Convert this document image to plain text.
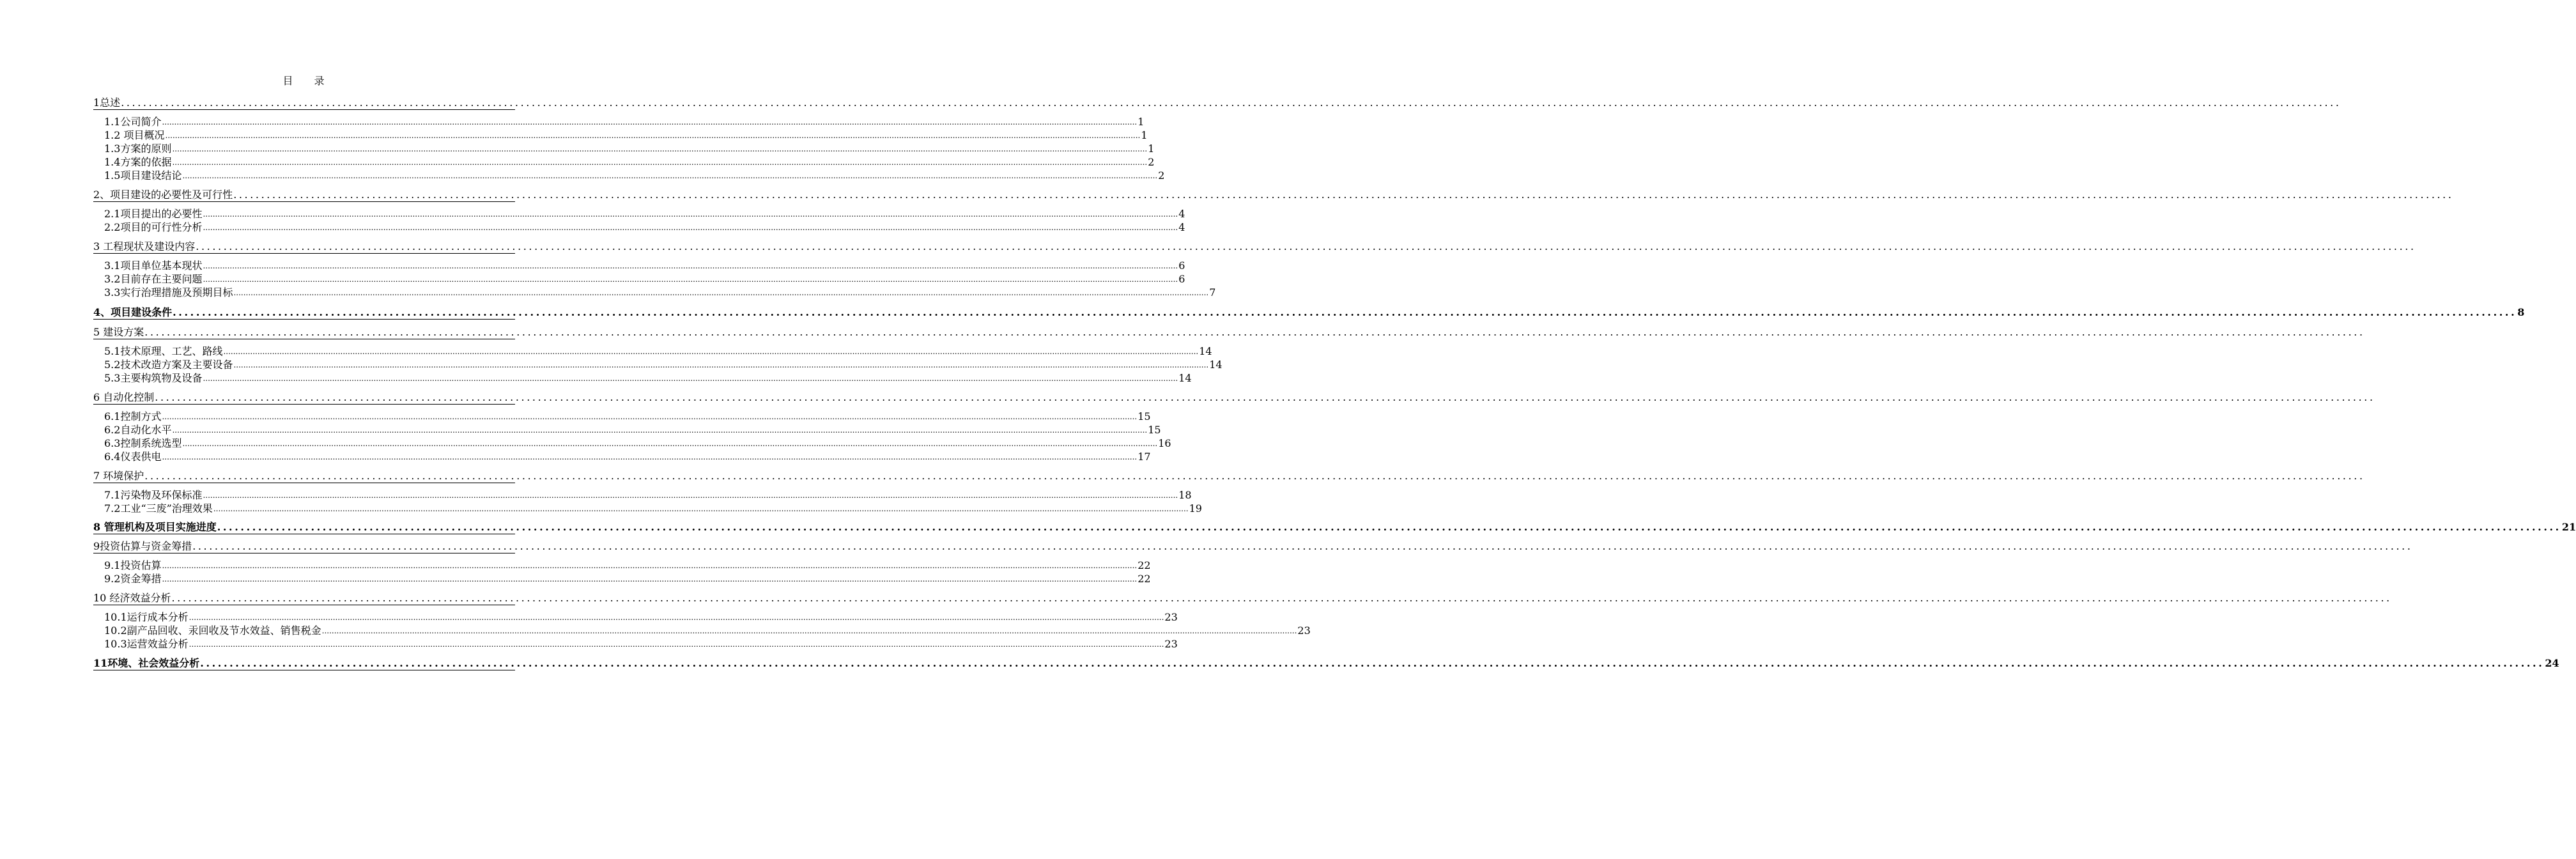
目 录
1总述 ................................................................................................................................................................................................................................................................................................................................................................................................................
1.1公司简介 ................................................................................................................................................................................................................................................................................................................................................................................................................ 1
1.2 项目概况 ................................................................................................................................................................................................................................................................................................................................................................................................................ 1
1.3方案的原则 ................................................................................................................................................................................................................................................................................................................................................................................................................ 1
1.4方案的依据 ................................................................................................................................................................................................................................................................................................................................................................................................................ 2
1.5项目建设结论 ................................................................................................................................................................................................................................................................................................................................................................................................................ 2
2、项目建设的必要性及可行性 ................................................................................................................................................................................................................................................................................................................................................................................................................
2.1项目提出的必要性 ................................................................................................................................................................................................................................................................................................................................................................................................................ 4
2.2项目的可行性分析 ................................................................................................................................................................................................................................................................................................................................................................................................................ 4
3 工程现状及建设内容 ................................................................................................................................................................................................................................................................................................................................................................................................................
3.1项目单位基本现状 ................................................................................................................................................................................................................................................................................................................................................................................................................ 6
3.2目前存在主要问题 ................................................................................................................................................................................................................................................................................................................................................................................................................ 6
3.3实行治理措施及预期目标 ................................................................................................................................................................................................................................................................................................................................................................................................................ 7
4、项目建设条件 ................................................................................................................................................................................................................................................................................................................................................................................................................ 8
5 建设方案 ................................................................................................................................................................................................................................................................................................................................................................................................................
5.1技术原理、工艺、路线 ................................................................................................................................................................................................................................................................................................................................................................................................................ 14
5.2技术改造方案及主要设备 ................................................................................................................................................................................................................................................................................................................................................................................................................ 14
5.3主要构筑物及设备 ................................................................................................................................................................................................................................................................................................................................................................................................................ 14
6 自动化控制 ................................................................................................................................................................................................................................................................................................................................................................................................................
6.1控制方式 ................................................................................................................................................................................................................................................................................................................................................................................................................ 15
6.2自动化水平 ................................................................................................................................................................................................................................................................................................................................................................................................................ 15
6.3控制系统选型 ................................................................................................................................................................................................................................................................................................................................................................................................................ 16
6.4仪表供电 ................................................................................................................................................................................................................................................................................................................................................................................................................ 17
7 环境保护 ................................................................................................................................................................................................................................................................................................................................................................................................................
7.1污染物及环保标准 ................................................................................................................................................................................................................................................................................................................................................................................................................ 18
7.2工业“三废”治理效果 ................................................................................................................................................................................................................................................................................................................................................................................................................ 19
8 管理机构及项目实施进度 ................................................................................................................................................................................................................................................................................................................................................................................................................ 21
9投资估算与资金筹措 ................................................................................................................................................................................................................................................................................................................................................................................................................
9.1投资估算 ................................................................................................................................................................................................................................................................................................................................................................................................................ 22
9.2资金筹措 ................................................................................................................................................................................................................................................................................................................................................................................................................ 22
10 经济效益分析 ................................................................................................................................................................................................................................................................................................................................................................................................................
10.1运行成本分析 ................................................................................................................................................................................................................................................................................................................................................................................................................ 23
10.2副产品回收、汞回收及节水效益、销售税金 ................................................................................................................................................................................................................................................................................................................................................................................................................ 23
10.3运营效益分析 ................................................................................................................................................................................................................................................................................................................................................................................................................ 23
11环境、社会效益分析 ................................................................................................................................................................................................................................................................................................................................................................................................................ 24
